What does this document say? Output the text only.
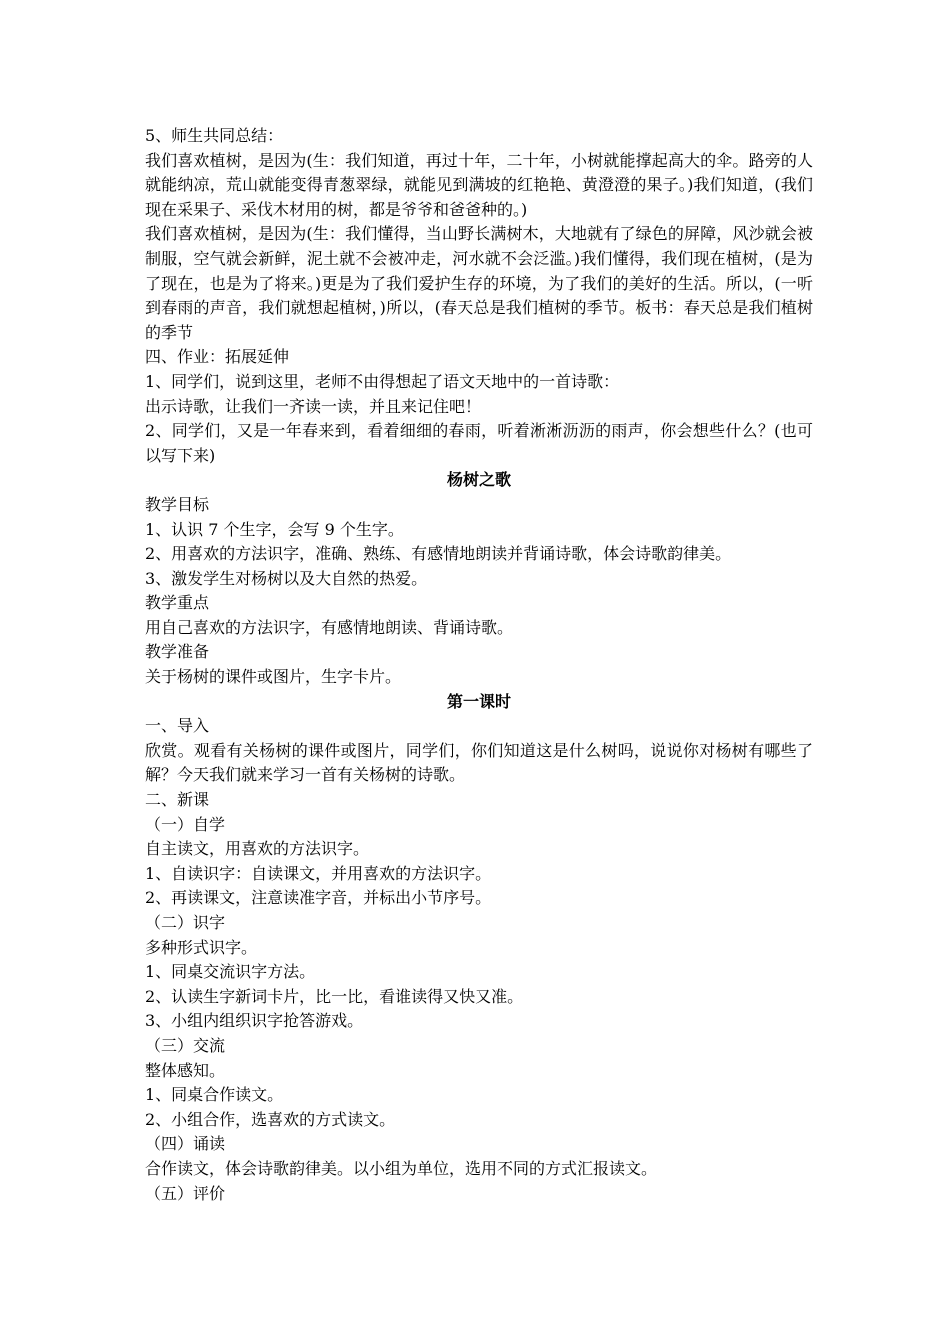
5、师生共同总结：
我们喜欢植树，是因为(生：我们知道，再过十年，二十年，小树就能撑起高大的伞。路旁的人就能纳凉，荒山就能变得青葱翠绿，就能见到满坡的红艳艳、黄澄澄的果子。)我们知道，(我们现在采果子、采伐木材用的树，都是爷爷和爸爸种的。)
我们喜欢植树，是因为(生：我们懂得，当山野长满树木，大地就有了绿色的屏障，风沙就会被制服，空气就会新鲜，泥土就不会被冲走，河水就不会泛滥。)我们懂得，我们现在植树，(是为了现在，也是为了将来。)更是为了我们爱护生存的环境，为了我们的美好的生活。所以，(一听到春雨的声音，我们就想起植树，)所以，(春天总是我们植树的季节。板书：春天总是我们植树的季节
四、作业：拓展延伸
1、同学们，说到这里，老师不由得想起了语文天地中的一首诗歌：
出示诗歌，让我们一齐读一读，并且来记住吧！
2、同学们，又是一年春来到，看着细细的春雨，听着淅淅沥沥的雨声，你会想些什么？(也可以写下来)
杨树之歌
教学目标
1、认识 7 个生字，会写 9 个生字。
2、用喜欢的方法识字，准确、熟练、有感情地朗读并背诵诗歌，体会诗歌韵律美。
3、激发学生对杨树以及大自然的热爱。
教学重点
用自己喜欢的方法识字，有感情地朗读、背诵诗歌。
教学准备
关于杨树的课件或图片，生字卡片。
第一课时
一、导入
欣赏。观看有关杨树的课件或图片，同学们，你们知道这是什么树吗，说说你对杨树有哪些了解？今天我们就来学习一首有关杨树的诗歌。
二、新课
（一）自学
自主读文，用喜欢的方法识字。
1、自读识字：自读课文，并用喜欢的方法识字。
2、再读课文，注意读准字音，并标出小节序号。
（二）识字
多种形式识字。
1、同桌交流识字方法。
2、认读生字新词卡片，比一比，看谁读得又快又准。
3、小组内组织识字抢答游戏。
（三）交流
整体感知。
1、同桌合作读文。
2、小组合作，选喜欢的方式读文。
（四）诵读
合作读文，体会诗歌韵律美。以小组为单位，选用不同的方式汇报读文。
（五）评价
